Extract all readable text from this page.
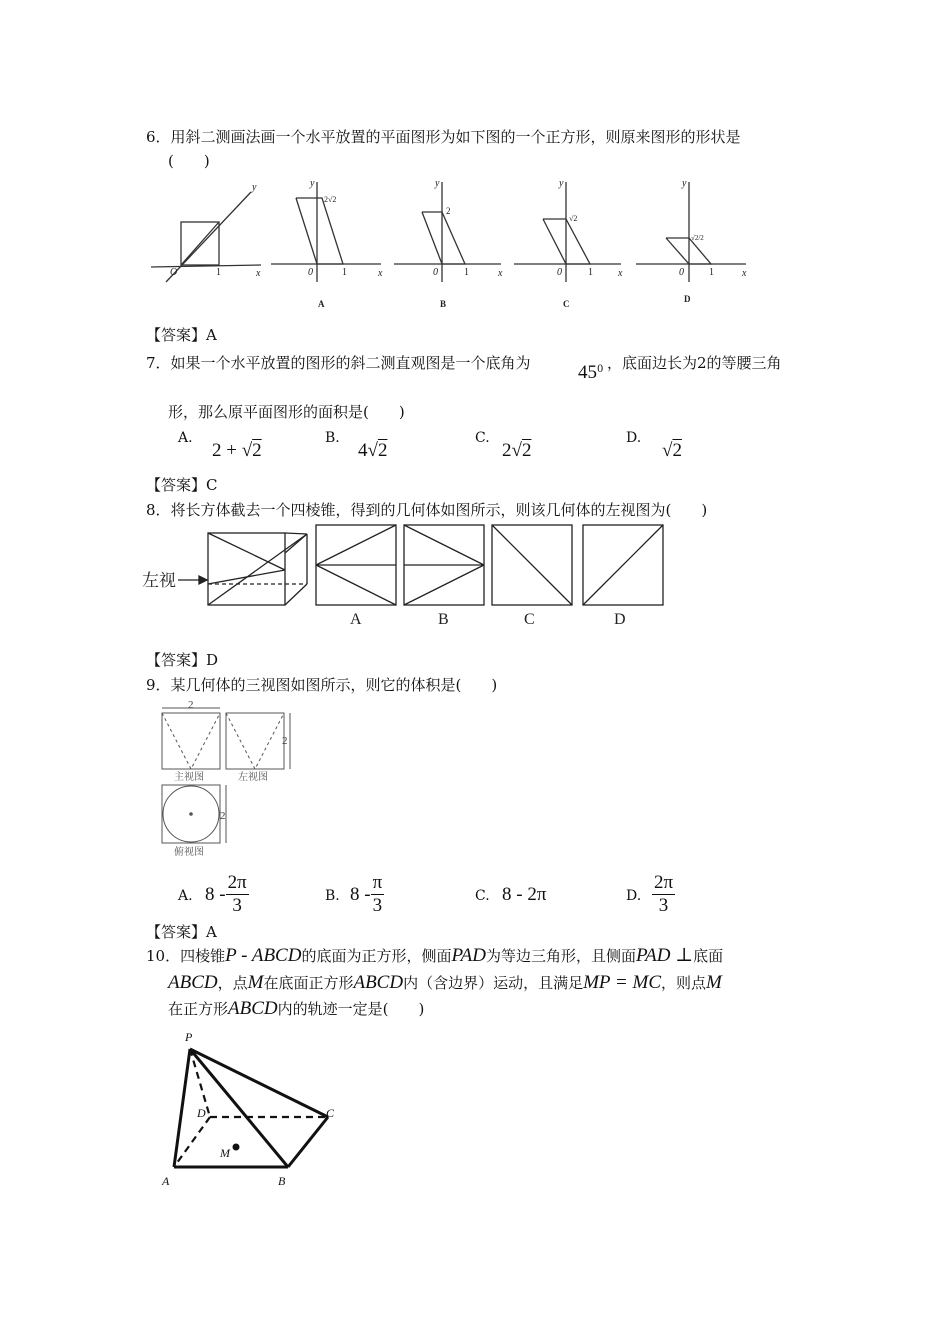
6．用斜二测画法画一个水平放置的平面图形为如下图的一个正方形，则原来图形的形状是
(　　)
y
x
O	1
y
x
0	1
2√2
y
x
0	1
2
y
x
0	1
√2
y
x
0	1
√2/2
A	B	C	D
【答案】A
7．如果一个水平放置的图形的斜二测直观图是一个底角为 $45^0$ ，底面边长为2的等腰三角
形，那么原平面图形的面积是(　　)
A.
2 + √2
B.
4√2
C.
2√2
D.
√2
【答案】C
8．将长方体截去一个四棱锥，得到的几何体如图所示，则该几何体的左视图为(　　)
左视
A	B	C	D
【答案】D
9．某几何体的三视图如图所示，则它的体积是(　　)
2
2
2
主视图	左视图
俯视图
A. $8 - \frac{2\pi}{3}$	B. $8 - \frac{\pi}{3}$	C. 8 - 2π	D. $\frac{2\pi}{3}$
【答案】A
10．四棱锥P - ABCD的底面为正方形，侧面PAD为等边三角形，且侧面PAD ⊥底面
ABCD，点M在底面正方形ABCD内（含边界）运动，且满足MP = MC，则点M
在正方形ABCD内的轨迹一定是(　　)
P
A	B
C
D
M
